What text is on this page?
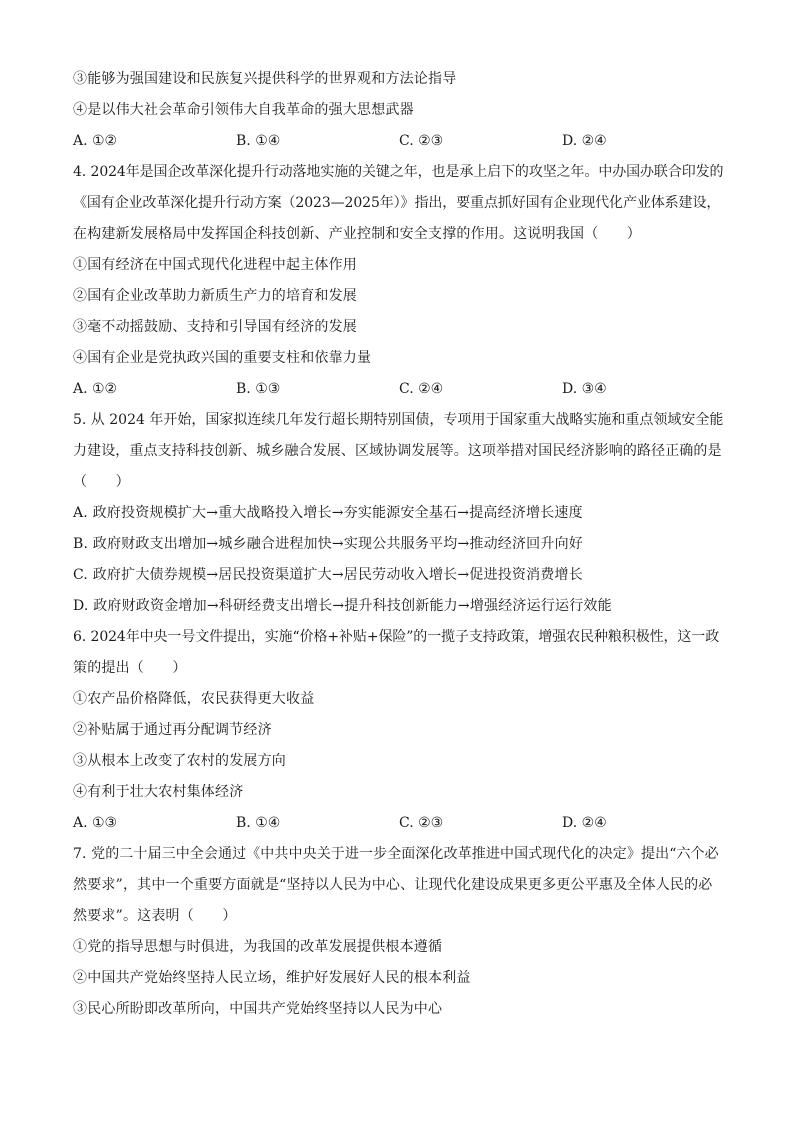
③能够为强国建设和民族复兴提供科学的世界观和方法论指导
④是以伟大社会革命引领伟大自我革命的强大思想武器
A. ①②	B. ①④	C. ②③	D. ②④
4. 2024年是国企改革深化提升行动落地实施的关键之年，也是承上启下的攻坚之年。中办国办联合印发的
《国有企业改革深化提升行动方案（2023—2025年）》指出，要重点抓好国有企业现代化产业体系建设，
在构建新发展格局中发挥国企科技创新、产业控制和安全支撑的作用。这说明我国（　　）
①国有经济在中国式现代化进程中起主体作用
②国有企业改革助力新质生产力的培育和发展
③毫不动摇鼓励、支持和引导国有经济的发展
④国有企业是党执政兴国的重要支柱和依靠力量
A. ①②	B. ①③	C. ②④	D. ③④
5. 从 2024 年开始，国家拟连续几年发行超长期特别国债，专项用于国家重大战略实施和重点领域安全能
力建设，重点支持科技创新、城乡融合发展、区域协调发展等。这项举措对国民经济影响的路径正确的是
（　　）
A. 政府投资规模扩大→重大战略投入增长→夯实能源安全基石→提高经济增长速度
B. 政府财政支出增加→城乡融合进程加快→实现公共服务平均→推动经济回升向好
C. 政府扩大债券规模→居民投资渠道扩大→居民劳动收入增长→促进投资消费增长
D. 政府财政资金增加→科研经费支出增长→提升科技创新能力→增强经济运行运行效能
6. 2024年中央一号文件提出，实施“价格+补贴+保险”的一揽子支持政策，增强农民种粮积极性，这一政
策的提出（　　）
①农产品价格降低，农民获得更大收益
②补贴属于通过再分配调节经济
③从根本上改变了农村的发展方向
④有利于壮大农村集体经济
A. ①③	B. ①④	C. ②③	D. ②④
7. 党的二十届三中全会通过《中共中央关于进一步全面深化改革推进中国式现代化的决定》提出“六个必
然要求”，其中一个重要方面就是“坚持以人民为中心、让现代化建设成果更多更公平惠及全体人民的必
然要求”。这表明（　　）
①党的指导思想与时俱进，为我国的改革发展提供根本遵循
②中国共产党始终坚持人民立场，维护好发展好人民的根本利益
③民心所盼即改革所向，中国共产党始终坚持以人民为中心
